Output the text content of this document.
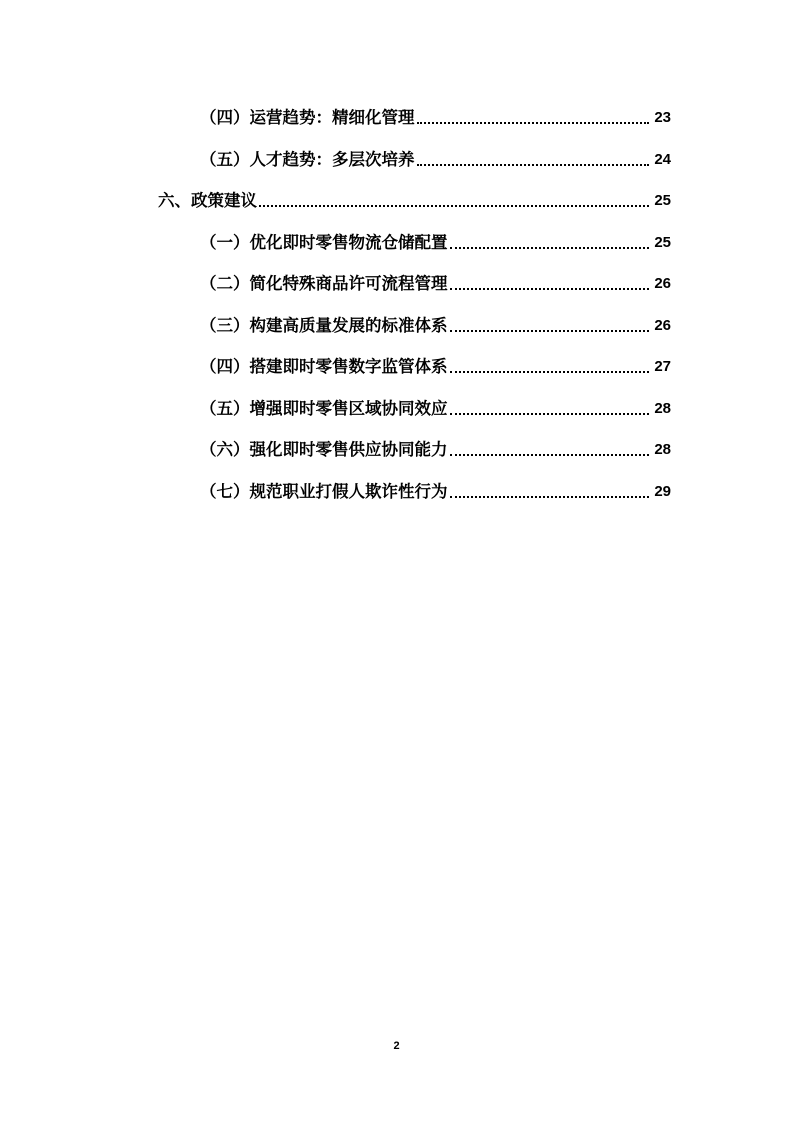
（四）运营趋势：精细化管理	23
（五）人才趋势：多层次培养	24
六、政策建议	25
（一）优化即时零售物流仓储配置	25
（二）简化特殊商品许可流程管理	26
（三）构建高质量发展的标准体系	26
（四）搭建即时零售数字监管体系	27
（五）增强即时零售区域协同效应	28
（六）强化即时零售供应协同能力	28
（七）规范职业打假人欺诈性行为	29
2
